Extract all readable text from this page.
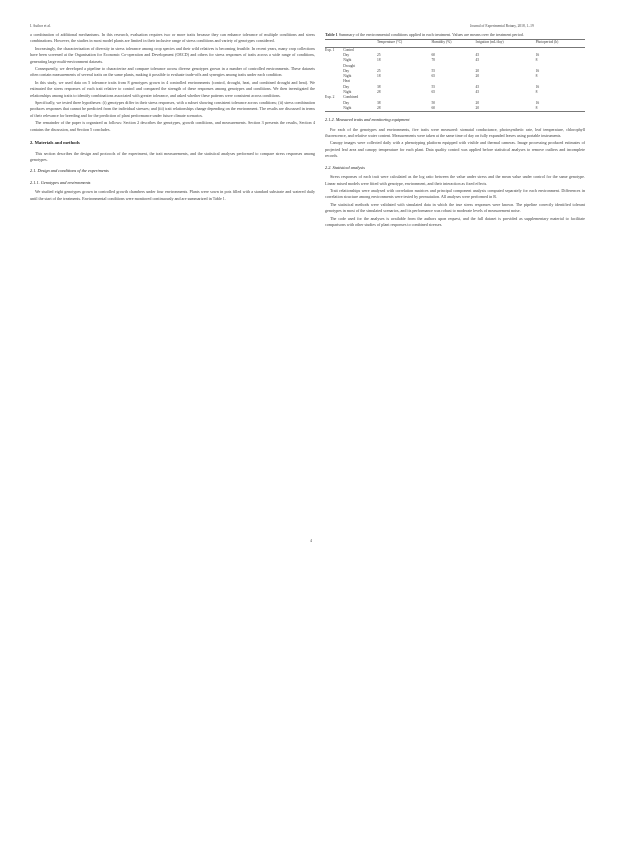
I. Author et al.	Journal of Experimental Botany, 2018, 1–19

a combination of additional mechanisms. In this research, evaluation requires two or more traits because they can enhance tolerance of multiple conditions and stress combinations. However, the studies in most model plants are limited in their inclusive range of stress conditions and variety of genotypes considered.

Increasingly, the characterization of diversity in stress tolerance among crop species and their wild relatives is becoming feasible. In recent years, many crop collections have been screened at the Organisation for Economic Co-operation and Development (OECD) and others for stress responses of traits across a wide range of conditions, generating large multi-environment datasets.

Consequently, we developed a pipeline to characterize and compare tolerance across diverse genotypes grown in a number of controlled environments. These datasets often contain measurements of several traits on the same plants, making it possible to evaluate trade-offs and synergies among traits under each condition.

In this study, we used data on 5 tolerance traits from 8 genotypes grown in 4 controlled environments (control, drought, heat, and combined drought and heat). We estimated the stress responses of each trait relative to control and compared the strength of these responses among genotypes and conditions. We then investigated the relationships among traits to identify combinations associated with greater tolerance, and asked whether these patterns were consistent across conditions.

Specifically, we tested three hypotheses: (i) genotypes differ in their stress responses, with a subset showing consistent tolerance across conditions; (ii) stress combination produces responses that cannot be predicted from the individual stresses; and (iii) trait relationships change depending on the environment. The results are discussed in terms of their relevance for breeding and for the prediction of plant performance under future climate scenarios.

The remainder of the paper is organized as follows: Section 2 describes the genotypes, growth conditions, and measurements. Section 3 presents the results, Section 4 contains the discussion, and Section 5 concludes.

2. Materials and methods

This section describes the design and protocols of the experiment, the trait measurements, and the statistical analyses performed to compare stress responses among genotypes.

2.1. Design and conditions of the experiments
2.1.1. Genotypes and environments

We studied eight genotypes grown in controlled growth chambers under four environments. Plants were sown in pots filled with a standard substrate and watered daily until the start of the treatments. Environmental conditions were monitored continuously and are summarized in Table 1.

Table 1 Summary of the environmental conditions applied in each treatment. Values are means over the treatment period.

		Temperature (°C)	Humidity (%)	Irrigation (mL/day)	Photoperiod (h)
Exp. 1	Control				
	Day	25	60	45	16
	Night	18	70	45	8
	Drought				
	Day	25	55	20	16
	Night	18	65	20	8
	Heat				
	Day	38	55	45	16
	Night	28	65	45	8
Exp. 2	Combined				
	Day	38	50	20	16
	Night	28	60	20	8
2.1.2. Measured traits and monitoring equipment

For each of the genotypes and environments, five traits were measured: stomatal conductance, photosynthetic rate, leaf temperature, chlorophyll fluorescence, and relative water content. Measurements were taken at the same time of day on fully expanded leaves using portable instruments.

Canopy images were collected daily with a phenotyping platform equipped with visible and thermal cameras. Image processing produced estimates of projected leaf area and canopy temperature for each plant. Data quality control was applied before statistical analyses to remove outliers and incomplete records.

2.2. Statistical analysis

Stress responses of each trait were calculated as the log ratio between the value under stress and the mean value under control for the same genotype. Linear mixed models were fitted with genotype, environment, and their interaction as fixed effects.

Trait relationships were analysed with correlation matrices and principal component analysis computed separately for each environment. Differences in correlation structure among environments were tested by permutation. All analyses were performed in R.

The statistical methods were validated with simulated data in which the true stress responses were known. The pipeline correctly identified tolerant genotypes in most of the simulated scenarios, and its performance was robust to moderate levels of measurement noise.

The code used for the analyses is available from the authors upon request, and the full dataset is provided as supplementary material to facilitate comparisons with other studies of plant responses to combined stresses.

4
